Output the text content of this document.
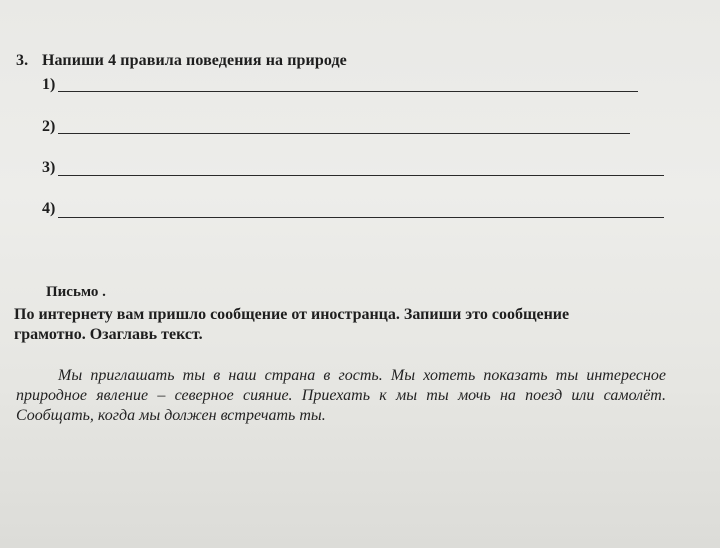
3. Напиши 4 правила поведения на природе
1)
2)
3)
4)
Письмо .
По интернету вам пришло сообщение от иностранца. Запиши это сообщение грамотно. Озаглавь текст.
Мы приглашать ты в наш страна в гость. Мы хотеть показать ты интересное природное явление – северное сияние. Приехать к мы ты мочь на поезд или самолёт. Сообщать, когда мы должен встречать ты.
